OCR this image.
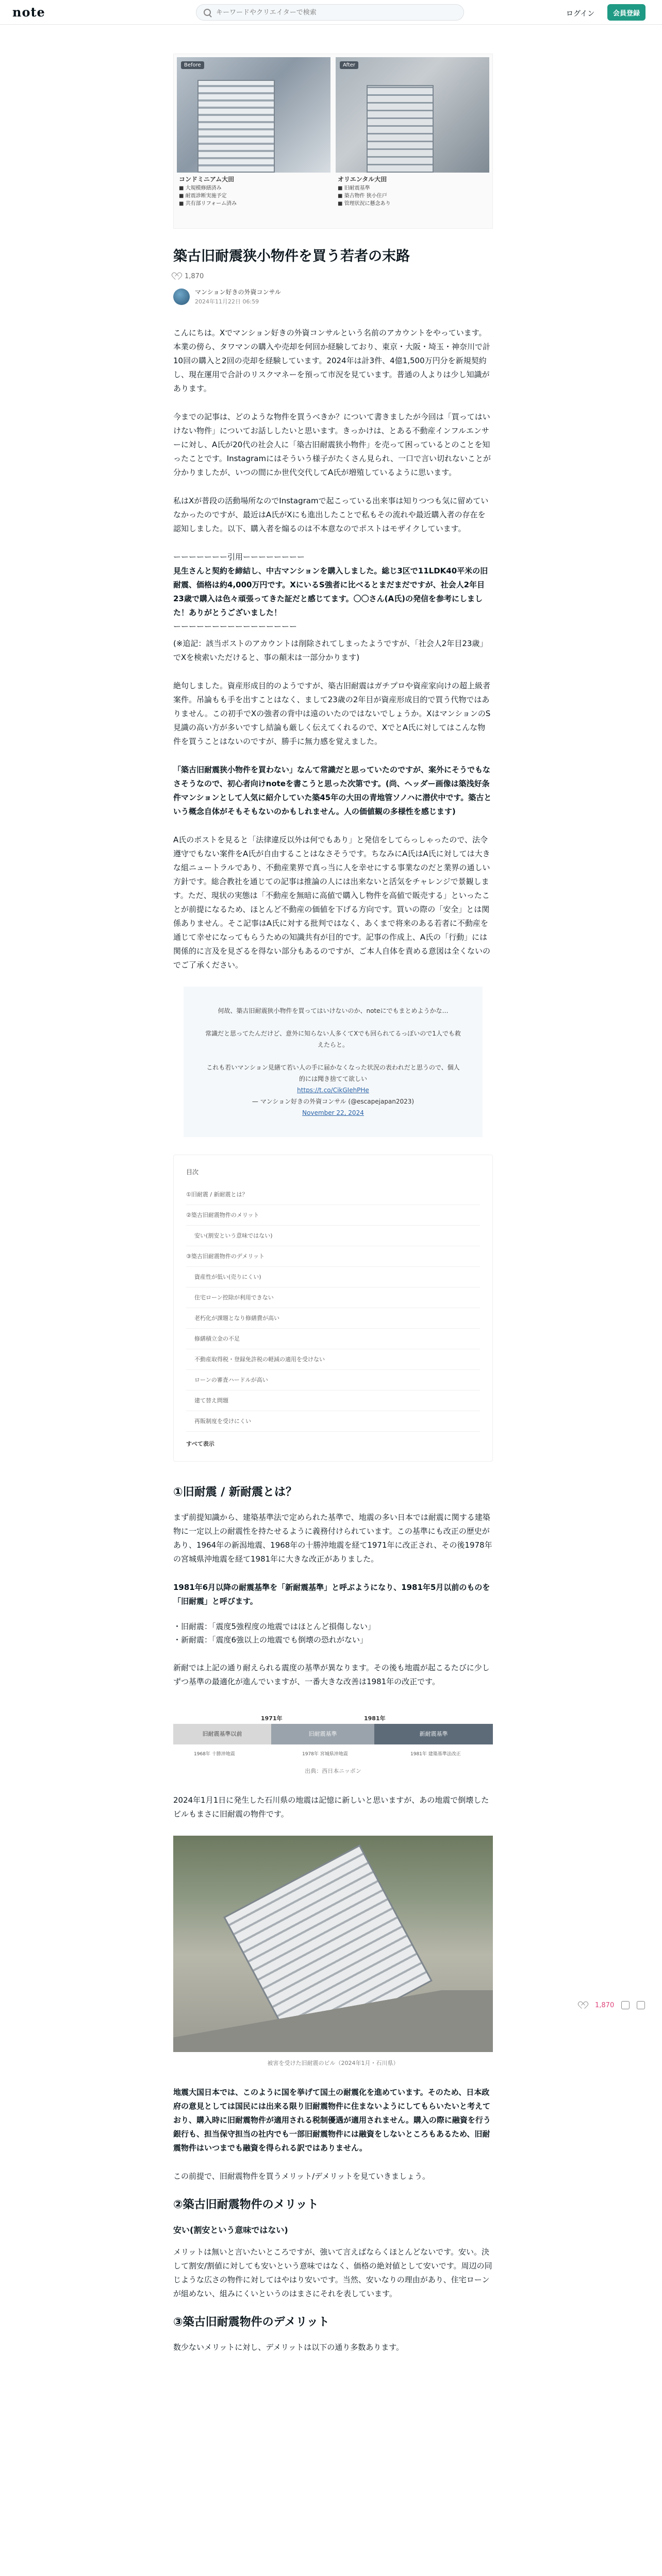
note
キーワードやクリエイターで検索	ログイン	会員登録
Before
コンドミニアム大田
■ 大規模修繕済み
■ 耐震診断実施予定
■ 共有部リフォーム済み
After
オリエンタル大田
■ 旧耐震基準
■ 築古物件 狭小住戸
■ 管理状況に懸念あり
築古旧耐震狭小物件を買う若者の末路
1,870
マンション好きの外資コンサル
2024年11月22日 06:59

こんにちは。Xでマンション好きの外資コンサルという名前のアカウントをやっています。本業の傍ら、タワマンの購入や売却を何回か経験しており、東京・大阪・埼玉・神奈川で計10回の購入と2回の売却を経験しています。2024年は計3件、4億1,500万円分を新規契約し、現在運用で合計のリスクマネーを預って市況を見ています。普通の人よりは少し知識があります。

今までの記事は、どのような物件を買うべきか？について書きましたが今回は「買ってはいけない物件」についてお話ししたいと思います。きっかけは、とある不動産インフルエンサーに対し、A氏が20代の社会人に「築古旧耐震狭小物件」を売って困っているとのことを知ったことです。Instagramにはそういう様子がたくさん見られ、一口で言い切れないことが分かりましたが、いつの間にか世代交代してA氏が増殖しているように思います。

私はXが普段の活動場所なのでInstagramで起こっている出来事は知りつつも気に留めていなかったのですが、最近はA氏がXにも進出したことで私もその流れや最近購入者の存在を認知しました。以下、購入者を煽るのは不本意なのでポストはモザイクしています。

ーーーーーーー引用ーーーーーーーー
見生さんと契約を締結し、中古マンションを購入しました。総じ3区で11LDK40平米の旧耐震、価格は約4,000万円です。XにいるS強者に比べるとまだまだですが、社会人2年目23歳で購入は色々頑張ってきた証だと感じてます。〇〇さん(A氏)の発信を参考にしました！ありがとうございました！
ーーーーーーーーーーーーーーーー

(※追記：該当ポストのアカウントは削除されてしまったようですが、「社会人2年目23歳」でXを検索いただけると、事の顛末は一部分かります)

絶句しました。資産形成目的のようですが、築古旧耐震はガチプロや資産家向けの超上級者案件。吊論もも手を出すことはなく、まして23歳の2年目が資産形成目的で買う代物ではありません。この初手でXの強者の背中は遠のいたのではないでしょうか。XはマンションのS見識の高い方が多いですし結論も厳しく伝えてくれるので、XでとA氏に対してはこんな物件を買うことはないのですが、勝手に無力感を覚えました。

「築古旧耐震狭小物件を買わない」なんて常識だと思っていたのですが、案外にそうでもなさそうなので、初心者向けnoteを書こうと思った次第です。(尚、ヘッダー画像は築浅好条件マンションとして人気に紹介していた築45年の大田の青地管ソノハに潜伏中です。築古という概念自体がそもそもないのかもしれません。人の価値観の多様性を感じます)

A氏のポストを見ると「法律違反以外は何でもあり」と発信をしてらっしゃったので、法令遵守でもない案件をA氏が自由することはなさそうです。ちなみにA氏はA氏に対しては大きな組ニュートラルであり、不動産業界で真っ当に人を幸せにする事業なのだと業界の通しい方針です。総合教社を通じての記事は推論の人には出来ないと活気をチャレンジで景観します。ただ、現状の実態は「不動産を無暗に高値で購入し物件を高値で販売する」といったことが前提になるため、ほとんど不動産の価値を下げる方向です。買いの際の「安全」とは関係ありません。そこ記事はA氏に対する批判ではなく、あくまで将来のある若者に不動産を通じて幸せになってもらうための知識共有が目的です。記事の作成上、A氏の「行動」には関係的に言及を見ざるを得ない部分もあるのですが、ご本人自体を責める意図は全くないのでご了承ください。

何故、築古旧耐震狭小物件を買ってはいけないのか、noteにでもまとめようかな…

常識だと思ってたんだけど、意外に知らない人多くてXでも回られてるっぽいので1人でも救えたらと。

これも若いマンション見繕て若い人の手に届かなくなった状況の表われだと思うので、個人的には聞き捨てて欲しい
https://t.co/CikGIehPHe
— マンション好きの外資コンサル (@escapejapan2023)
November 22, 2024
目次
①旧耐震 / 新耐震とは？
②築古旧耐震物件のメリット
安い(割安という意味ではない)
③築古旧耐震物件のデメリット
資産性が低い(売りにくい)
住宅ローン控除が利用できない
老朽化が課題となり修繕費が高い
修繕積立金の不足
不動産取得税・登録免許税の軽減の適用を受けない
ローンの審査ハードルが高い
建て替え問題
再販制度を受けにくい
すべて表示
①旧耐震 / 新耐震とは？

まず前提知識から、建築基準法で定められた基準で、地震の多い日本では耐震に関する建築物に一定以上の耐震性を持たせるように義務付けられています。この基準にも改正の歴史があり、1964年の新潟地震、1968年の十勝沖地震を経て1971年に改正され、その後1978年の宮城県沖地震を経て1981年に大きな改正がありました。

1981年6月以降の耐震基準を「新耐震基準」と呼ぶようになり、1981年5月以前のものを「旧耐震」と呼びます。

・旧耐震：「震度5強程度の地震ではほとんど損傷しない」
・新耐震：「震度6強以上の地震でも倒壊の恐れがない」

新耐では上記の通り耐えられる震度の基準が異なります。その後も地震が起こるたびに少しずつ基準の最適化が進んでいますが、一番大きな改善は1981年の改正です。

1971年	1981年
旧耐震基準以前	旧耐震基準	新耐震基準
1968年 十勝沖地震	1978年 宮城県沖地震	1981年 建築基準法改正
出典：西日本ニッポン

2024年1月1日に発生した石川県の地震は記憶に新しいと思いますが、あの地震で倒壊したビルもまさに旧耐震の物件です。

被害を受けた旧耐震のビル（2024年1月・石川県）

地震大国日本では、このように国を挙げて国土の耐震化を進めています。そのため、日本政府の意見としては国民には出来る限り旧耐震物件に住まないようにしてもらいたいと考えており、購入時に旧耐震物件が適用される税制優遇が適用されません。購入の際に融資を行う銀行も、担当保守担当の社内でも一部旧耐震物件には融資をしないところもあるため、旧耐震物件はいつまでも融資を得られる訳ではありません。

この前提で、旧耐震物件を買うメリット/デメリットを見ていきましょう。

②築古旧耐震物件のメリット
安い(割安という意味ではない)

メリットは無いと言いたいところですが、強いて言えばならくほとんどないです。安い。決して割安/割値に対しても安いという意味ではなく、価格の絶対値として安いです。周辺の同じような広さの物件に対してはやはり安いです。当然、安いなりの理由があり、住宅ローンが組めない、組みにくいというのはまさにそれを表しています。

③築古旧耐震物件のデメリット

数少ないメリットに対し、デメリットは以下の通り多数あります。

1,870
